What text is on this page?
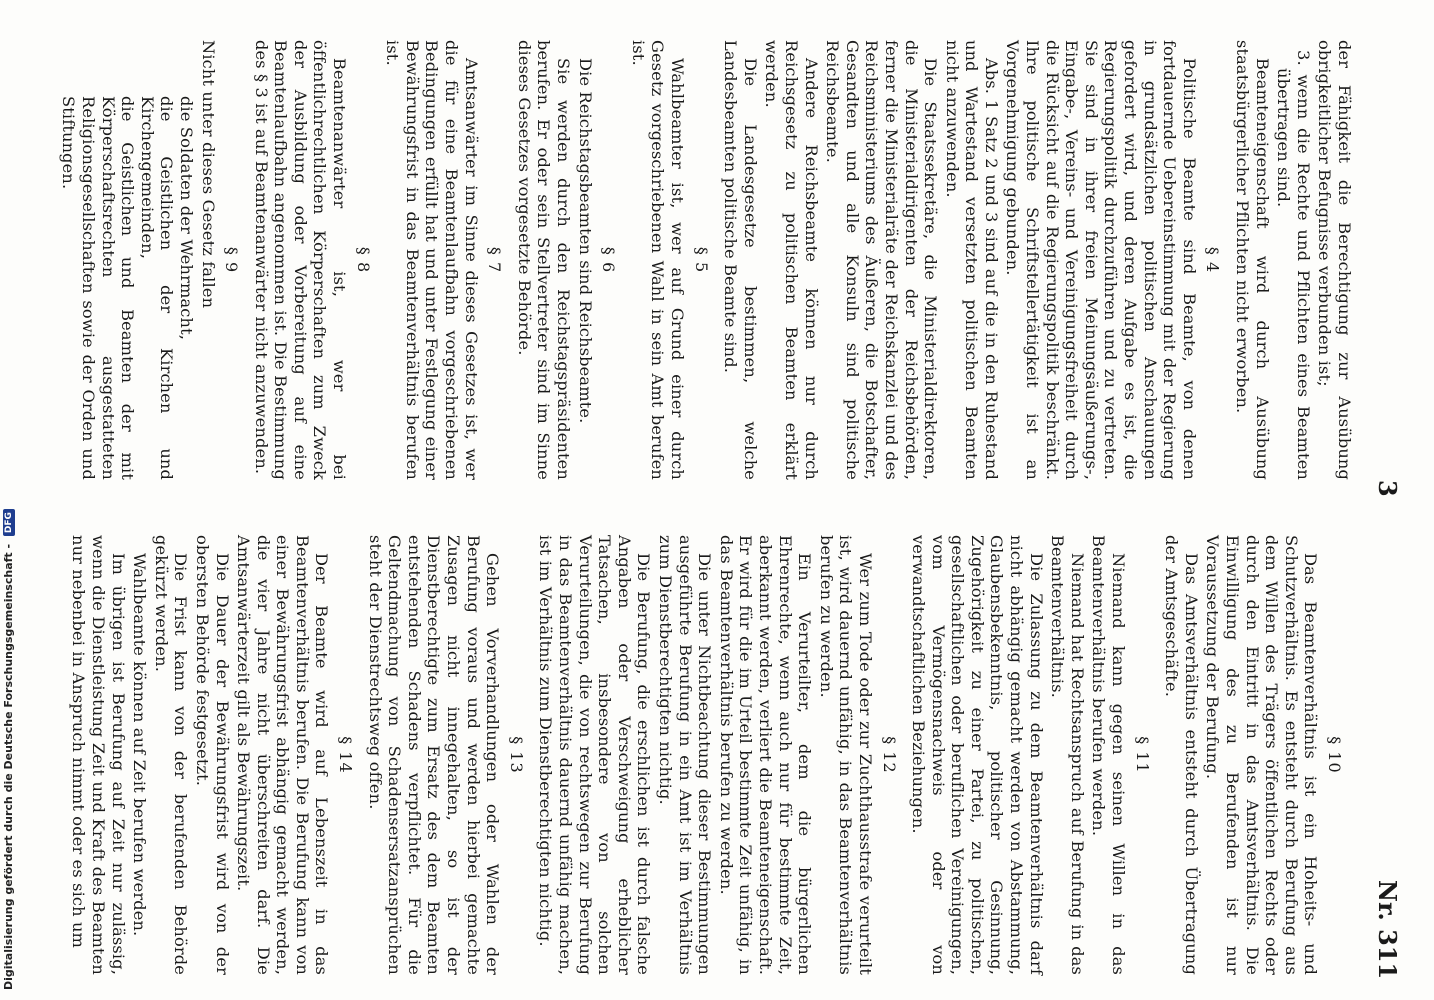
3
Nr. 311
der Fähigkeit die Berechtigung zur Ausübung obrigkeitlicher Befugnisse verbunden ist;
3. wenn die Rechte und Pflichten eines Beamten übertragen sind.
Beamteneigenschaft wird durch Ausübung staatsbürgerlicher Pflichten nicht erworben.
§ 4
Politische Beamte sind Beamte, von denen fortdauernde Uebereinstimmung mit der Regierung in grundsätzlichen politischen Anschauungen gefordert wird, und deren Aufgabe es ist, die Regierungspolitik durchzuführen und zu vertreten. Sie sind in ihrer freien Meinungsäußerungs-, Eingabe-, Vereins- und Vereinigungsfreiheit durch die Rücksicht auf die Regierungspolitik beschränkt. Ihre politische Schriftstellertätigkeit ist an Vorgenehmigung gebunden.
Abs. 1 Satz 2 und 3 sind auf die in den Ruhestand und Wartestand versetzten politischen Beamten nicht anzuwenden.
Die Staatssekretäre, die Ministerialdirektoren, die Ministerialdirigenten der Reichsbehörden, ferner die Ministerialräte der Reichskanzlei und des Reichsministeriums des Äußeren, die Botschafter, Gesandten und alle Konsuln sind politische Reichsbeamte.
Andere Reichsbeamte können nur durch Reichsgesetz zu politischen Beamten erklärt werden.
Die Landesgesetze bestimmen, welche Landesbeamten politische Beamte sind.
§ 5
Wahlbeamter ist, wer auf Grund einer durch Gesetz vorgeschriebenen Wahl in sein Amt berufen ist.
§ 6
Die Reichstagsbeamten sind Reichsbeamte.
Sie werden durch den Reichstagspräsidenten berufen. Er oder sein Stellvertreter sind im Sinne dieses Gesetzes vorgesetzte Behörde.
§ 7
Amtsanwärter im Sinne dieses Gesetzes ist, wer die für eine Beamtenlaufbahn vorgeschriebenen Bedingungen erfüllt hat und unter Festlegung einer Bewährungsfrist in das Beamtenverhältnis berufen ist.
§ 8
Beamtenanwärter ist, wer bei öffentlichrechtlichen Körperschaften zum Zweck der Ausbildung oder Vorbereitung auf eine Beamtenlaufbahn angenommen ist. Die Bestimmung des § 3 ist auf Beamtenanwärter nicht anzuwenden.
§ 9
Nicht unter dieses Gesetz fallen
die Soldaten der Wehrmacht,
die Geistlichen der Kirchen und Kirchengemeinden,
die Geistlichen und Beamten der mit Körperschaftsrechten ausgestatteten Religionsgesellschaften sowie der Orden und Stiftungen.
§ 10
Das Beamtenverhältnis ist ein Hoheits- und Schutzverhältnis. Es entsteht durch Berufung aus dem Willen des Trägers öffentlichen Rechts oder durch den Eintritt in das Amtsverhältnis. Die Einwilligung des zu Berufenden ist nur Voraussetzung der Berufung.
Das Amtsverhältnis entsteht durch Übertragung der Amtsgeschäfte.
§ 11
Niemand kann gegen seinen Willen in das Beamtenverhältnis berufen werden.
Niemand hat Rechtsanspruch auf Berufung in das Beamtenverhältnis.
Die Zulassung zu dem Beamtenverhältnis darf nicht abhängig gemacht werden von Abstammung, Glaubensbekenntnis, politischer Gesinnung, Zugehörigkeit zu einer Partei, zu politischen, gesellschaftlichen oder beruflichen Vereinigungen, vom Vermögensnachweis oder von verwandtschaftlichen Beziehungen.
§ 12
Wer zum Tode oder zur Zuchthausstrafe verurteilt ist, wird dauernd unfähig, in das Beamtenverhältnis berufen zu werden.
Ein Verurteilter, dem die bürgerlichen Ehrenrechte, wenn auch nur für bestimmte Zeit, aberkannt werden, verliert die Beamteneigenschaft. Er wird für die im Urteil bestimmte Zeit unfähig, in das Beamtenverhältnis berufen zu werden.
Die unter Nichtbeachtung dieser Bestimmungen ausgeführte Berufung in ein Amt ist im Verhältnis zum Dienstberechtigten nichtig.
Die Berufung, die erschlichen ist durch falsche Angaben oder Verschweigung erheblicher Tatsachen, insbesondere von solchen Verurteilungen, die von rechtswegen zur Berufung in das Beamtenverhältnis dauernd unfähig machen, ist im Verhältnis zum Dienstberechtigten nichtig.
§ 13
Gehen Vorverhandlungen oder Wahlen der Berufung voraus und werden hierbei gemachte Zusagen nicht innegehalten, so ist der Dienstberechtigte zum Ersatz des dem Beamten entstehenden Schadens verpflichtet. Für die Geltendmachung von Schadensersatzansprüchen steht der Dienstrechtsweg offen.
§ 14
Der Beamte wird auf Lebenszeit in das Beamtenverhältnis berufen. Die Berufung kann von einer Bewährungsfrist abhängig gemacht werden, die vier Jahre nicht überschreiten darf. Die Amtsanwärterzeit gilt als Bewährungszeit.
Die Dauer der Bewährungsfrist wird von der obersten Behörde festgesetzt.
Die Frist kann von der berufenden Behörde gekürzt werden.
Wahlbeamte können auf Zeit berufen werden.
Im übrigen ist Berufung auf Zeit nur zulässig, wenn die Dienstleistung Zeit und Kraft des Beamten nur nebenbei in Anspruch nimmt oder es sich um
Digitalisierung gefördert durch die Deutsche Forschungsgemeinschaft - DFG
